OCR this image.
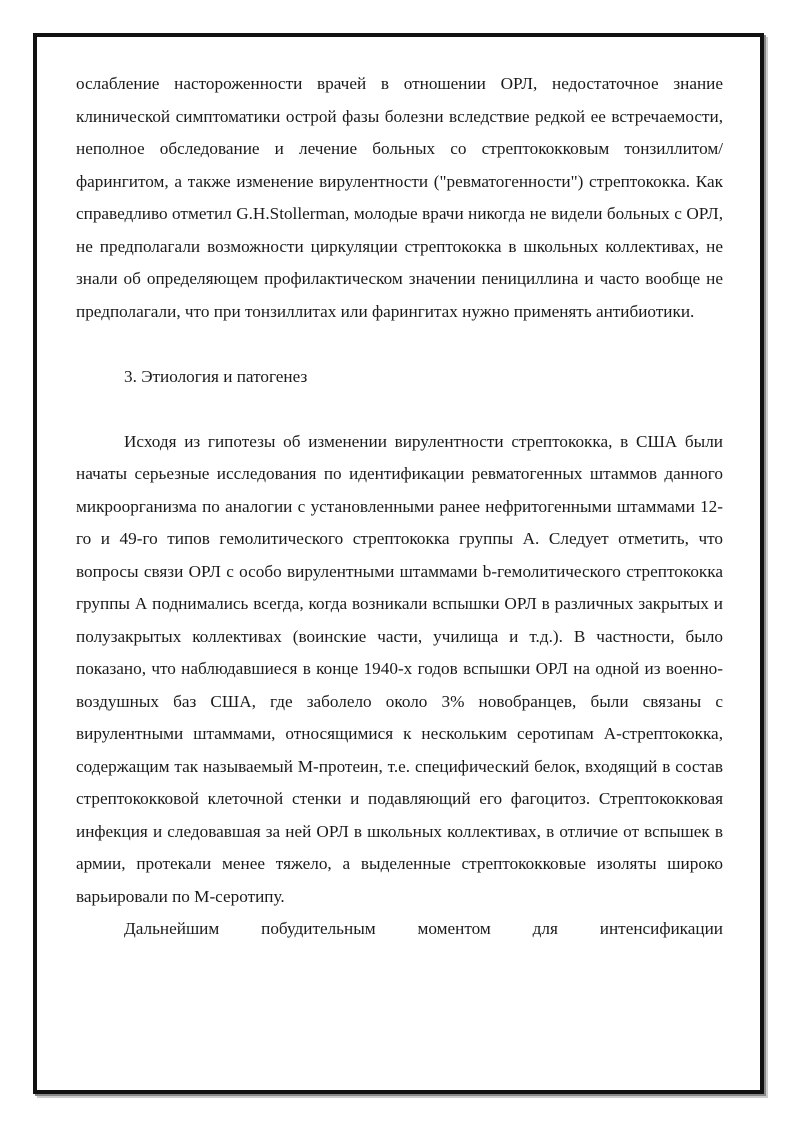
ослабление настороженности врачей в отношении ОРЛ, недостаточное знание клинической симптоматики острой фазы болезни вследствие редкой ее встречаемости, неполное обследование и лечение больных со стрептококковым тонзиллитом/фарингитом, а также изменение вирулентности ("ревматогенности") стрептококка. Как справедливо отметил G.H.Stollerman, молодые врачи никогда не видели больных с ОРЛ, не предполагали возможности циркуляции стрептококка в школьных коллективах, не знали об определяющем профилактическом значении пенициллина и часто вообще не предполагали, что при тонзиллитах или фарингитах нужно применять антибиотики.

3. Этиология и патогенез

Исходя из гипотезы об изменении вирулентности стрептококка, в США были начаты серьезные исследования по идентификации ревматогенных штаммов данного микроорганизма по аналогии с установленными ранее нефритогенными штаммами 12-го и 49-го типов гемолитического стрептококка группы А. Следует отметить, что вопросы связи ОРЛ с особо вирулентными штаммами b-гемолитического стрептококка группы А поднимались всегда, когда возникали вспышки ОРЛ в различных закрытых и полузакрытых коллективах (воинские части, училища и т.д.). В частности, было показано, что наблюдавшиеся в конце 1940-х годов вспышки ОРЛ на одной из военно-воздушных баз США, где заболело около 3% новобранцев, были связаны с вирулентными штаммами, относящимися к нескольким серотипам А-стрептококка, содержащим так называемый М-протеин, т.е. специфический белок, входящий в состав стрептококковой клеточной стенки и подавляющий его фагоцитоз. Стрептококковая инфекция и следовавшая за ней ОРЛ в школьных коллективах, в отличие от вспышек в армии, протекали менее тяжело, а выделенные стрептококковые изоляты широко варьировали по М-серотипу.

Дальнейшим побудительным моментом для интенсификации
